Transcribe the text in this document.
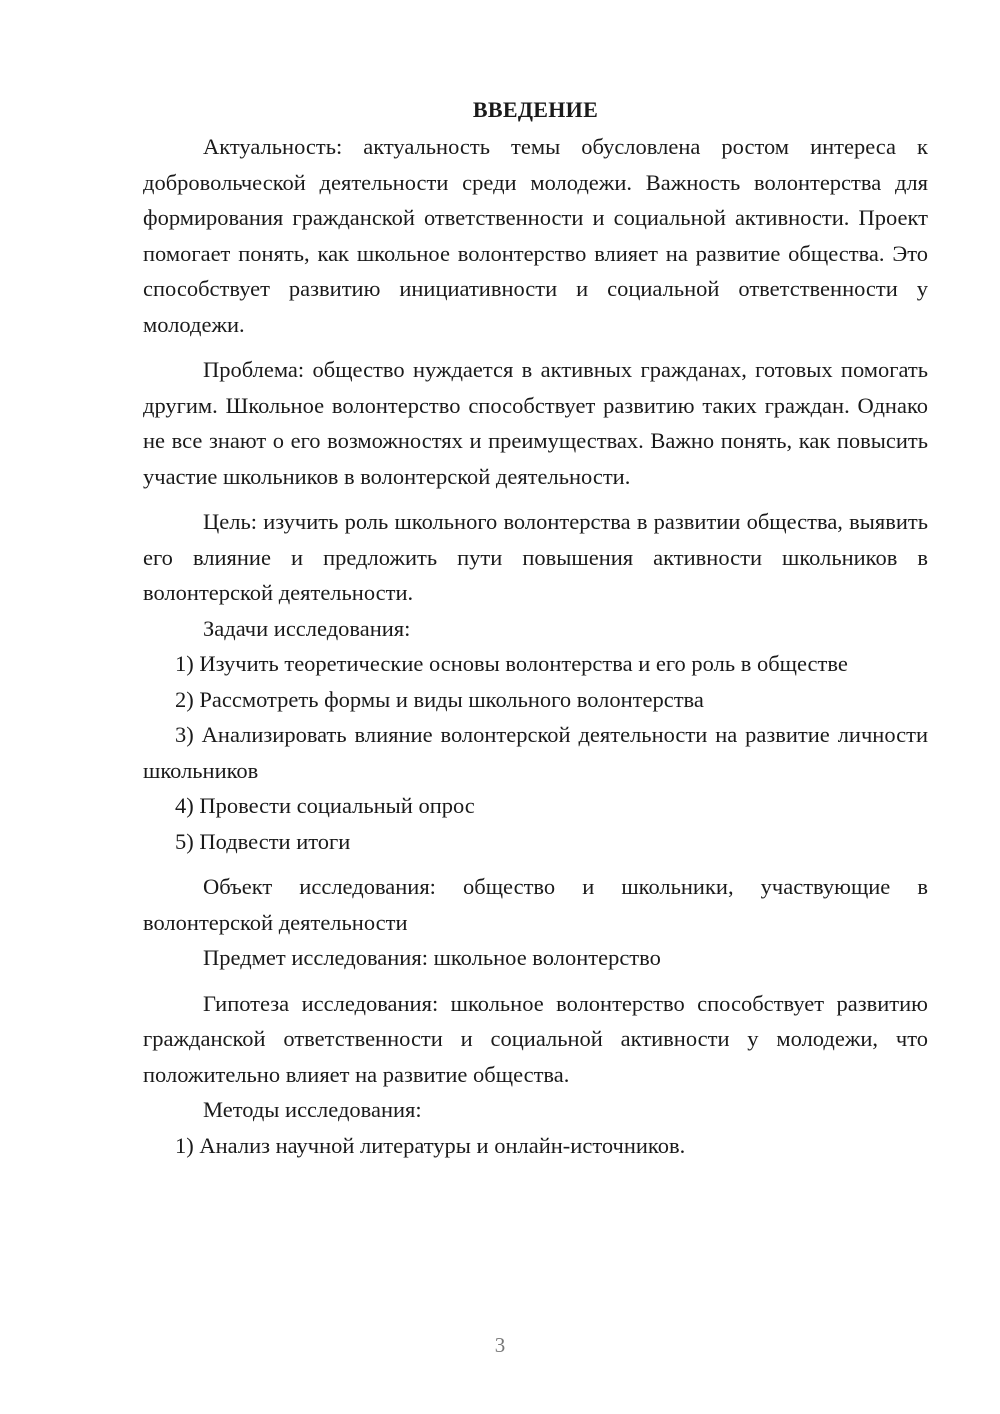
ВВЕДЕНИЕ

Актуальность: актуальность темы обусловлена ростом интереса к добровольческой деятельности среди молодежи. Важность волонтерства для формирования гражданской ответственности и социальной активности. Проект помогает понять, как школьное волонтерство влияет на развитие общества. Это способствует развитию инициативности и социальной ответственности у молодежи.

Проблема: общество нуждается в активных гражданах, готовых помогать другим. Школьное волонтерство способствует развитию таких граждан. Однако не все знают о его возможностях и преимуществах. Важно понять, как повысить участие школьников в волонтерской деятельности.

Цель: изучить роль школьного волонтерства в развитии общества, выявить его влияние и предложить пути повышения активности школьников в волонтерской деятельности.

Задачи исследования:

1) Изучить теоретические основы волонтерства и его роль в обществе

2) Рассмотреть формы и виды школьного волонтерства

3) Анализировать влияние волонтерской деятельности на развитие личности школьников

4) Провести социальный опрос

5) Подвести итоги

Объект исследования: общество и школьники, участвующие в волонтерской деятельности

Предмет исследования: школьное волонтерство

Гипотеза исследования: школьное волонтерство способствует развитию гражданской ответственности и социальной активности у молодежи, что положительно влияет на развитие общества.

Методы исследования:

1) Анализ научной литературы и онлайн-источников.

3
